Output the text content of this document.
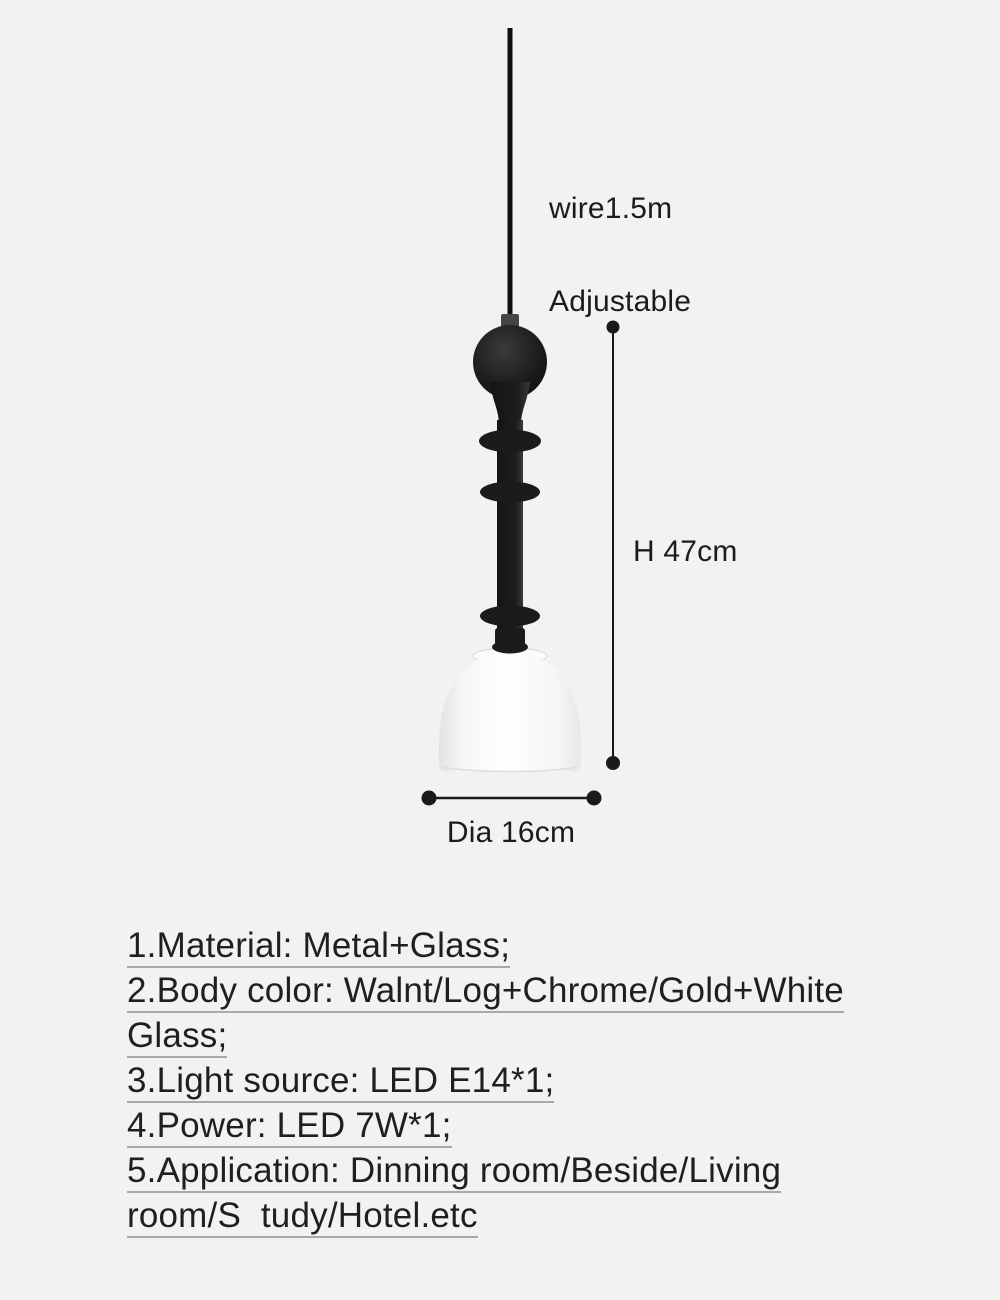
wire1.5m

Adjustable

H 47cm
Dia 16cm
1.Material: Metal+Glass;
2.Body color: Walnt/Log+Chrome/Gold+White
Glass;
3.Light source: LED E14*1;
4.Power: LED 7W*1;
5.Application: Dinning room/Beside/Living
room/S  tudy/Hotel.etc
